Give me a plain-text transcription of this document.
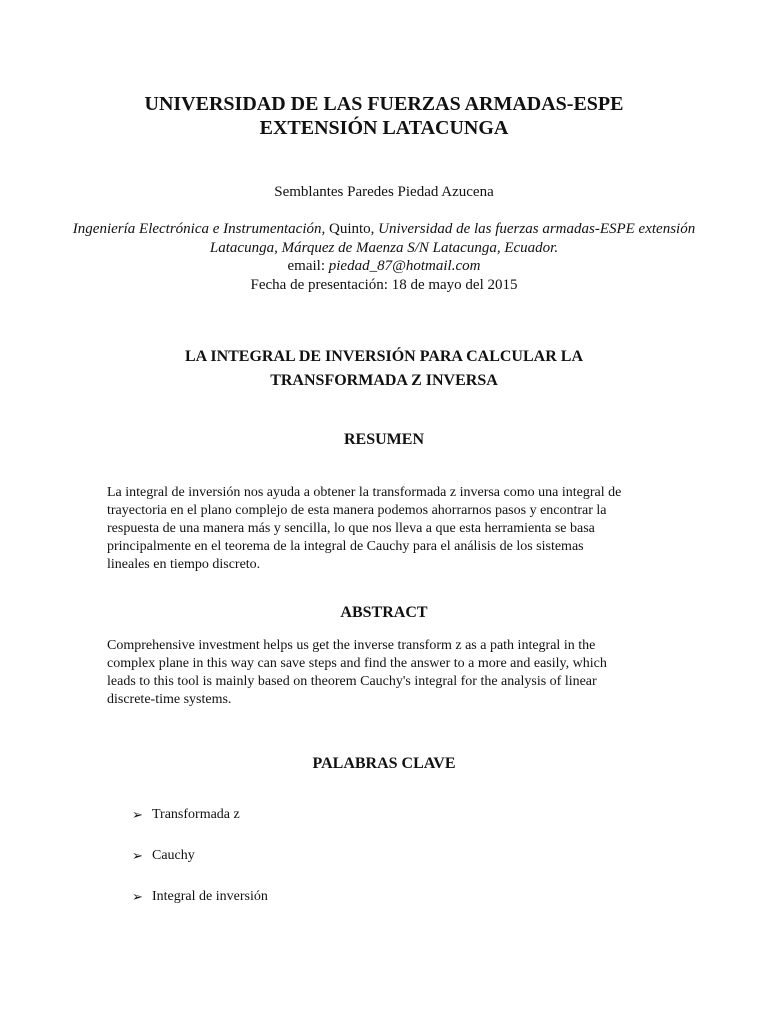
UNIVERSIDAD DE LAS FUERZAS ARMADAS-ESPE
EXTENSIÓN LATACUNGA
Semblantes Paredes Piedad Azucena
Ingeniería Electrónica e Instrumentación, Quinto, Universidad de las fuerzas armadas-ESPE extensión Latacunga, Márquez de Maenza S/N Latacunga, Ecuador.
email: piedad_87@hotmail.com
Fecha de presentación: 18 de mayo del 2015
LA INTEGRAL DE INVERSIÓN PARA CALCULAR LA
TRANSFORMADA Z INVERSA
RESUMEN
La integral de inversión nos ayuda a obtener la transformada z inversa como una integral de
trayectoria en el plano complejo de esta manera podemos ahorrarnos pasos y encontrar la
respuesta de una manera más y sencilla, lo que nos lleva a que esta herramienta se basa
principalmente en el teorema de la integral de Cauchy para el análisis de los sistemas
lineales en tiempo discreto.
ABSTRACT
Comprehensive investment helps us get the inverse transform z as a path integral in the
complex plane in this way can save steps and find the answer to a more and easily, which
leads to this tool is mainly based on theorem Cauchy's integral for the analysis of linear
discrete-time systems.
PALABRAS CLAVE
➢ Transformada z
➢ Cauchy
➢ Integral de inversión
